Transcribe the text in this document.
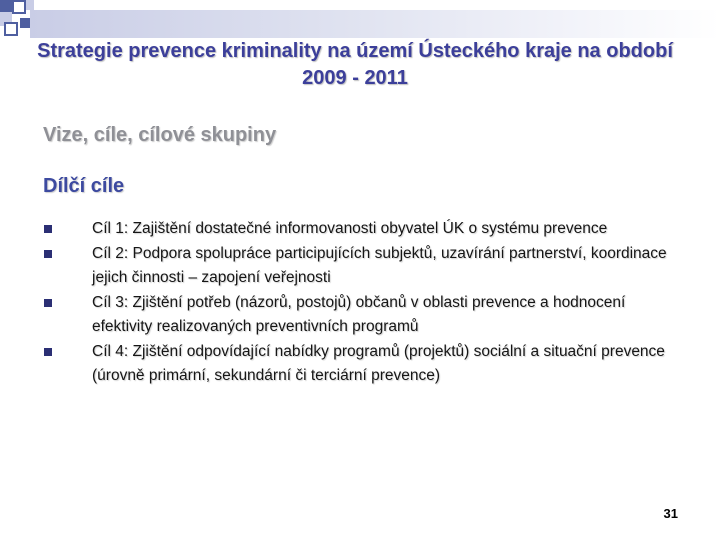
Strategie prevence kriminality na území Ústeckého kraje na období 2009 - 2011
Vize, cíle, cílové skupiny
Dílčí cíle
Cíl 1: Zajištění dostatečné informovanosti obyvatel ÚK o systému prevence
Cíl 2: Podpora spolupráce participujících subjektů, uzavírání partnerství, koordinace jejich činnosti – zapojení veřejnosti
Cíl 3: Zjištění potřeb (názorů, postojů) občanů v oblasti prevence a hodnocení efektivity realizovaných preventivních programů
Cíl 4: Zjištění odpovídající nabídky programů (projektů) sociální a situační prevence (úrovně primární, sekundární či terciární prevence)
31
